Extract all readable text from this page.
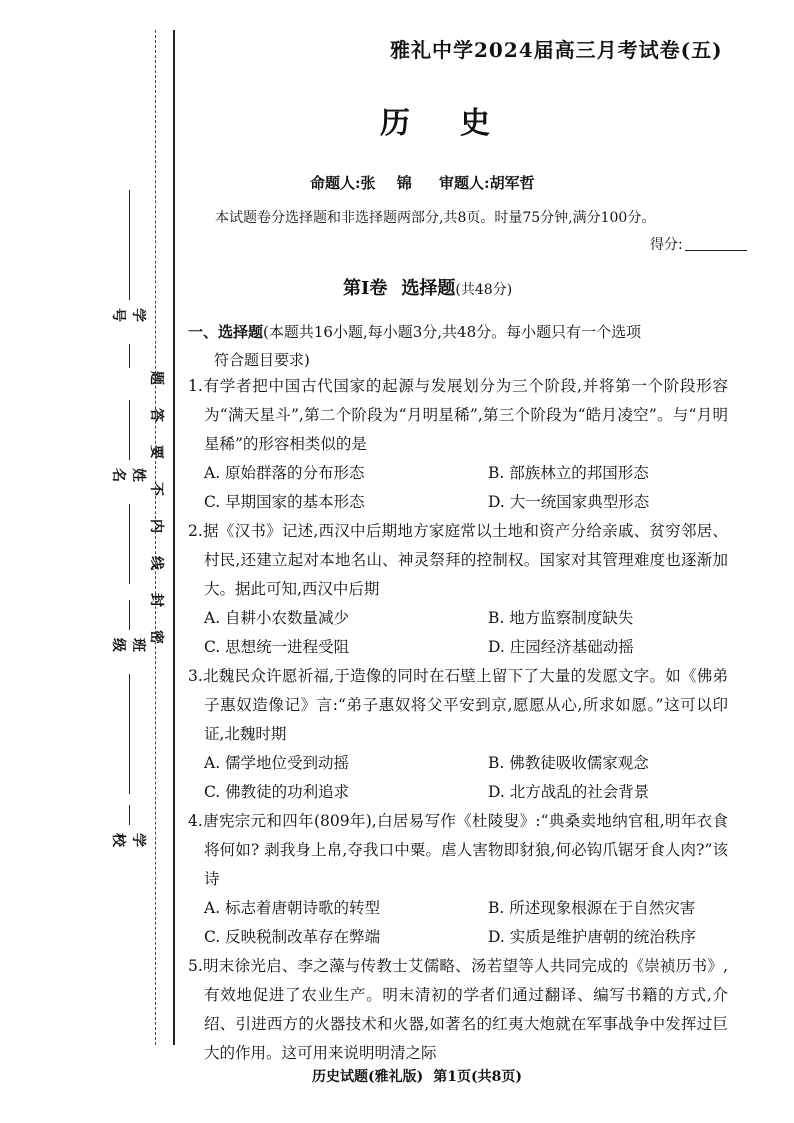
题
答
要
不
内
线
封
密
学号
姓名
班级
学校
雅礼中学2024届高三月考试卷(五)
历史
命题人:张 锦 审题人:胡军哲
本试题卷分选择题和非选择题两部分,共8页。时量75分钟,满分100分。
得分:
第Ⅰ卷 选择题(共48分)
一、选择题(本题共16小题,每小题3分,共48分。每小题只有一个选项
符合题目要求)
1.有学者把中国古代国家的起源与发展划分为三个阶段,并将第一个阶段形容为“满天星斗”,第二个阶段为“月明星稀”,第三个阶段为“皓月凌空”。与“月明星稀”的形容相类似的是
A. 原始群落的分布形态	B. 部族林立的邦国形态
C. 早期国家的基本形态	D. 大一统国家典型形态
2.据《汉书》记述,西汉中后期地方家庭常以土地和资产分给亲戚、贫穷邻居、村民,还建立起对本地名山、神灵祭拜的控制权。国家对其管理难度也逐渐加大。据此可知,西汉中后期
A. 自耕小农数量减少	B. 地方监察制度缺失
C. 思想统一进程受阻	D. 庄园经济基础动摇
3.北魏民众许愿祈福,于造像的同时在石壁上留下了大量的发愿文字。如《佛弟子惠奴造像记》言:“弟子惠奴将父平安到京,愿愿从心,所求如愿。”这可以印证,北魏时期
A. 儒学地位受到动摇	B. 佛教徒吸收儒家观念
C. 佛教徒的功利追求	D. 北方战乱的社会背景
4.唐宪宗元和四年(809年),白居易写作《杜陵叟》:“典桑卖地纳官租,明年衣食将何如? 剥我身上帛,夺我口中粟。虐人害物即豺狼,何必钩爪锯牙食人肉?”该诗
A. 标志着唐朝诗歌的转型	B. 所述现象根源在于自然灾害
C. 反映税制改革存在弊端	D. 实质是维护唐朝的统治秩序
5.明末徐光启、李之藻与传教士艾儒略、汤若望等人共同完成的《崇祯历书》,有效地促进了农业生产。明末清初的学者们通过翻译、编写书籍的方式,介绍、引进西方的火器技术和火器,如著名的红夷大炮就在军事战争中发挥过巨大的作用。这可用来说明明清之际
历史试题(雅礼版) 第1页(共8页)
